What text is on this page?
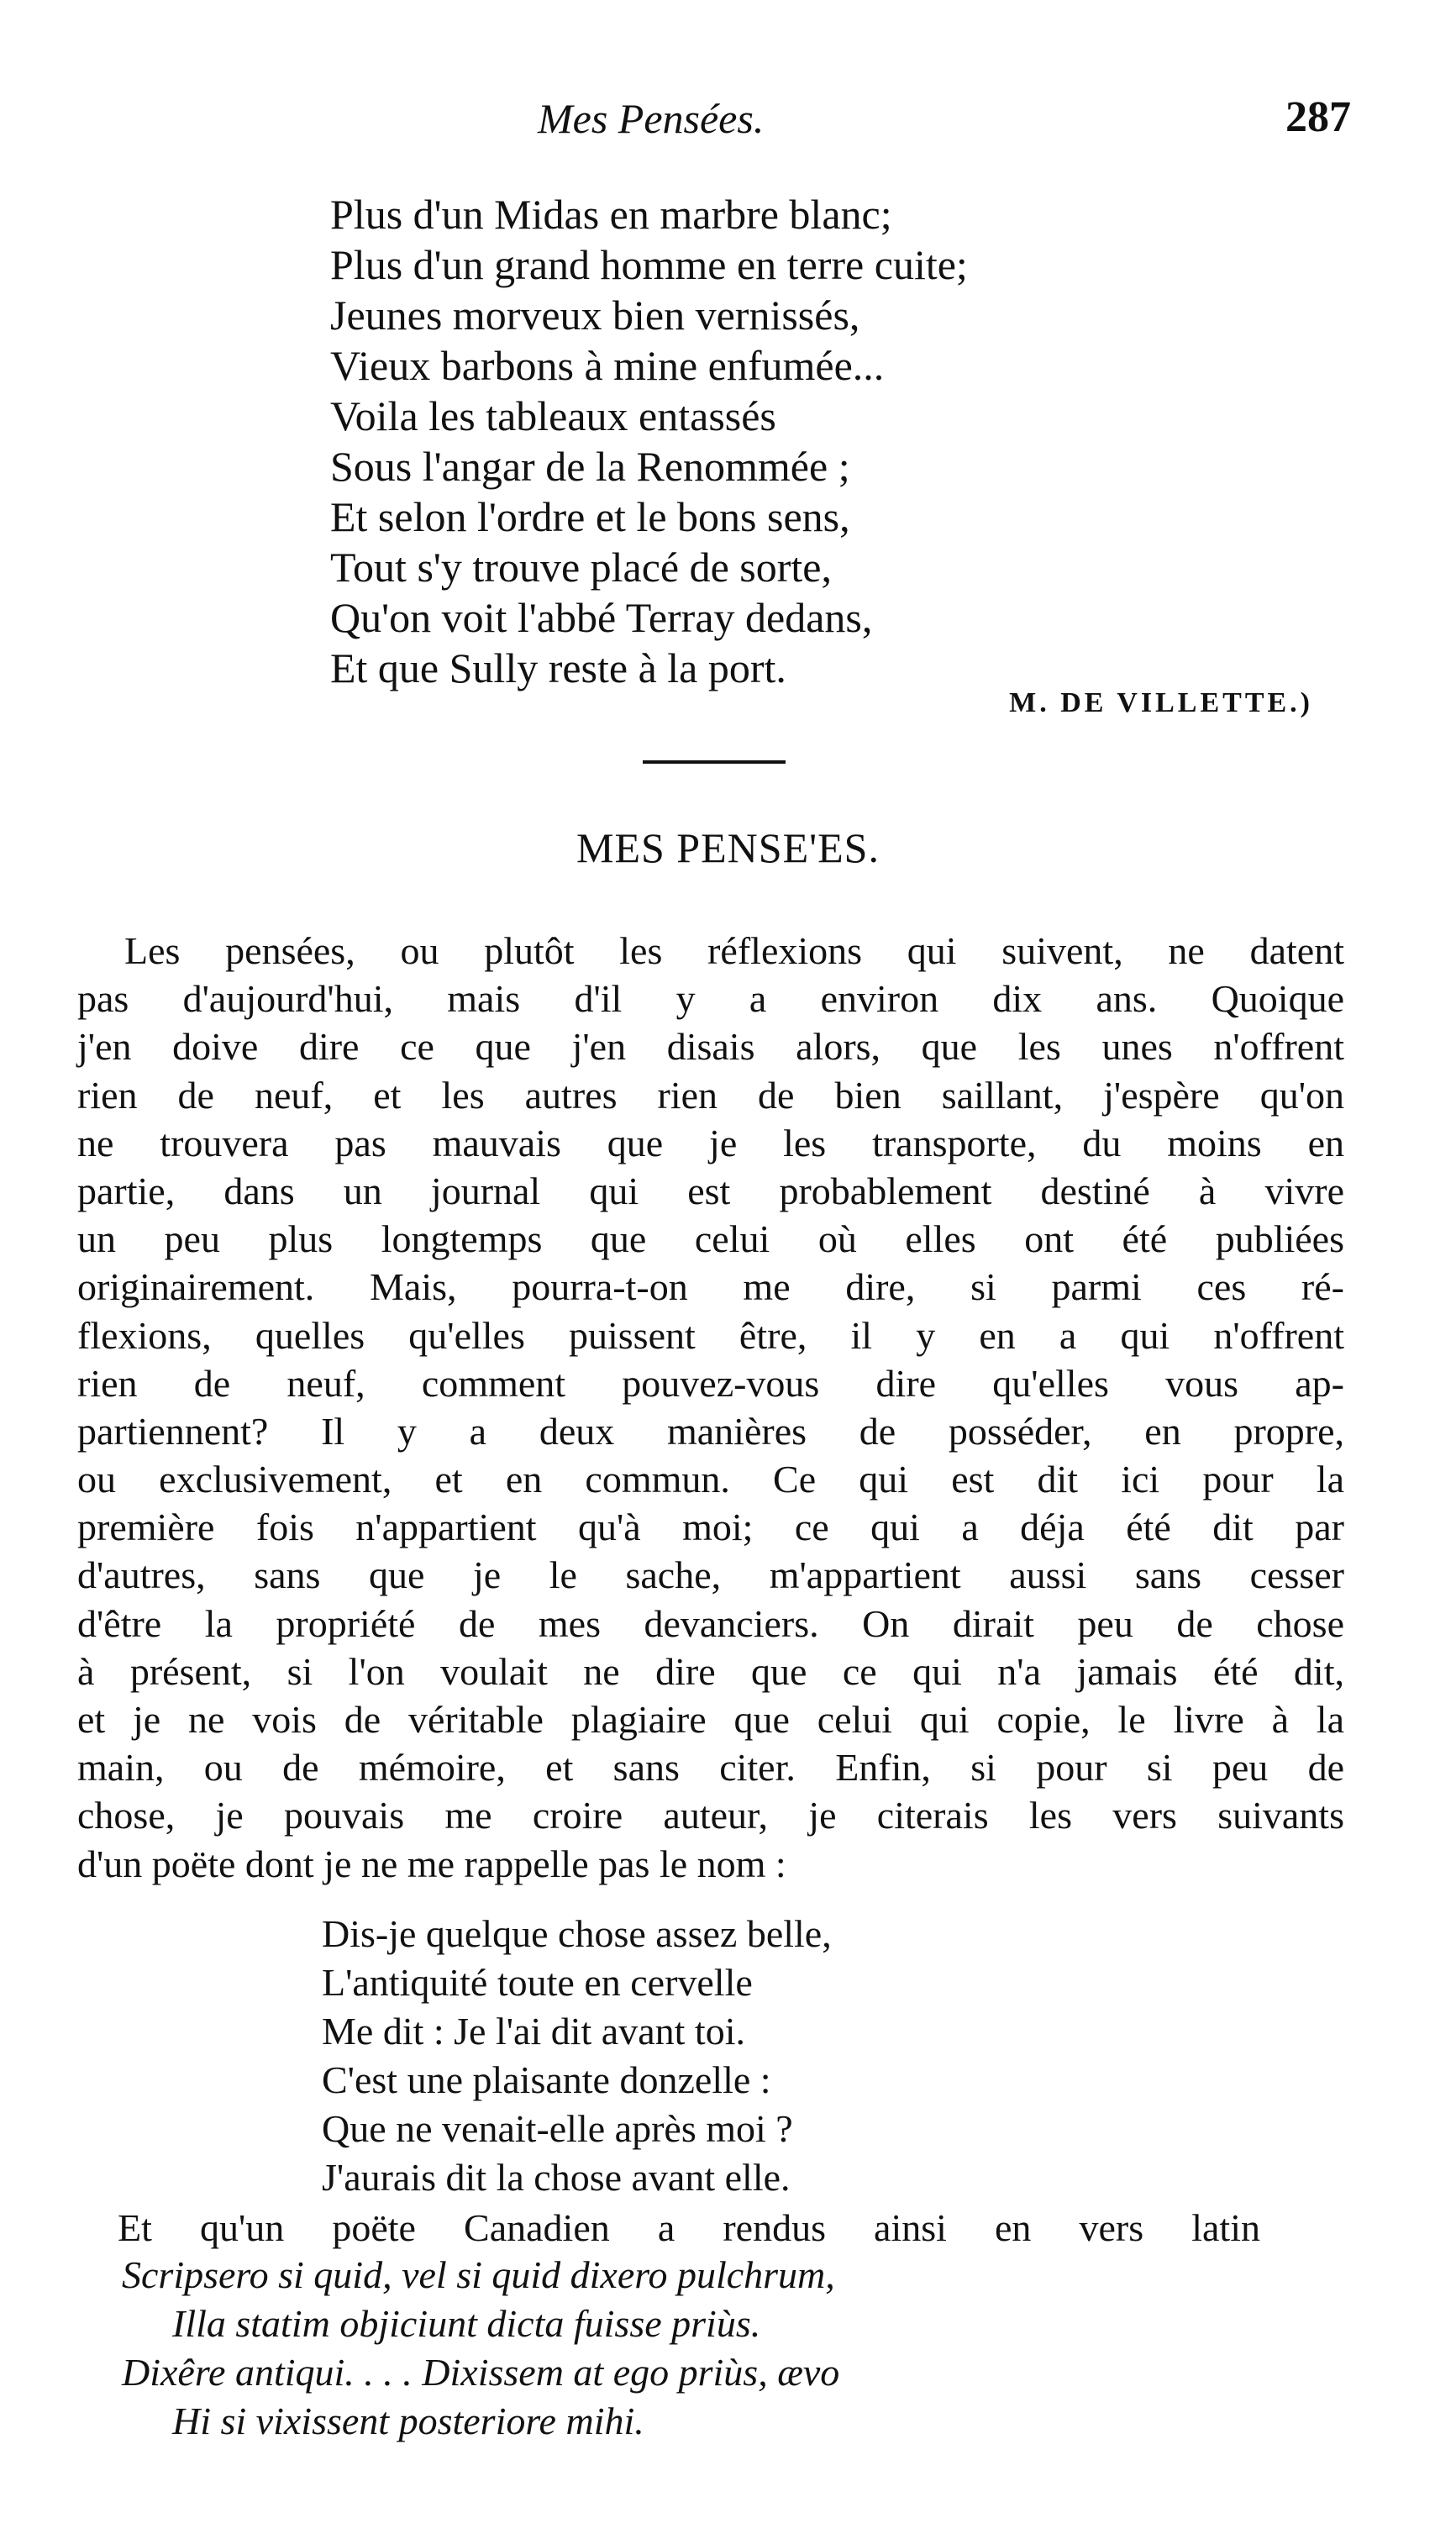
Mes Pensées.	287
Plus d'un Midas en marbre blanc;
Plus d'un grand homme en terre cuite;
Jeunes morveux bien vernissés,
Vieux barbons à mine enfumée...
Voila les tableaux entassés
Sous l'angar de la Renommée ;
Et selon l'ordre et le bons sens,
Tout s'y trouve placé de sorte,
Qu'on voit l'abbé Terray dedans,
Et que Sully reste à la port.
M. DE VILLETTE.)
MES PENSE'ES.
Les pensées, ou plutôt les réflexions qui suivent, ne datent
pas d'aujourd'hui, mais d'il y a environ dix ans. Quoique
j'en doive dire ce que j'en disais alors, que les unes n'offrent
rien de neuf, et les autres rien de bien saillant, j'espère qu'on
ne trouvera pas mauvais que je les transporte, du moins en
partie, dans un journal qui est probablement destiné à vivre
un peu plus longtemps que celui où elles ont été publiées
originairement. Mais, pourra-t-on me dire, si parmi ces ré-
flexions, quelles qu'elles puissent être, il y en a qui n'offrent
rien de neuf, comment pouvez-vous dire qu'elles vous ap-
partiennent? Il y a deux manières de posséder, en propre,
ou exclusivement, et en commun. Ce qui est dit ici pour la
première fois n'appartient qu'à moi; ce qui a déja été dit par
d'autres, sans que je le sache, m'appartient aussi sans cesser
d'être la propriété de mes devanciers. On dirait peu de chose
à présent, si l'on voulait ne dire que ce qui n'a jamais été dit,
et je ne vois de véritable plagiaire que celui qui copie, le livre à la
main, ou de mémoire, et sans citer. Enfin, si pour si peu de
chose, je pouvais me croire auteur, je citerais les vers suivants
d'un poëte dont je ne me rappelle pas le nom :
Dis-je quelque chose assez belle,
L'antiquité toute en cervelle
Me dit : Je l'ai dit avant toi.
C'est une plaisante donzelle :
Que ne venait-elle après moi ?
J'aurais dit la chose avant elle.
Et qu'un poëte Canadien a rendus ainsi en vers latin
Scripsero si quid, vel si quid dixero pulchrum,
Illa statim objiciunt dicta fuisse priùs.
Dixêre antiqui. . . . Dixissem at ego priùs, ævo
Hi si vixissent posteriore mihi.
